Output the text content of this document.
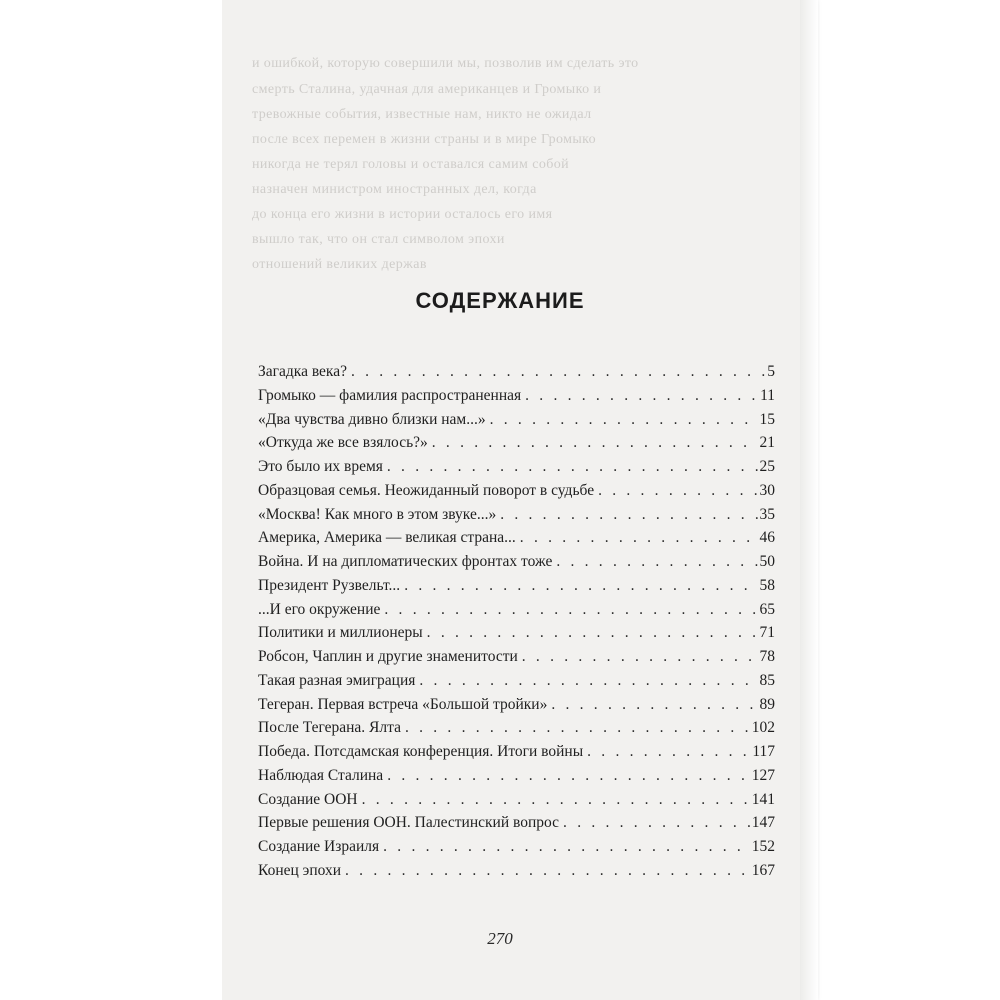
и ошибкой, которую совершили мы, позволив им сделать это
смерть Сталина, удачная для американцев и Громыко и
тревожные события, известные нам, никто не ожидал
после всех перемен в жизни страны и в мире Громыко
никогда не терял головы и оставался самим собой
назначен министром иностранных дел, когда
до конца его жизни в истории осталось его имя
вышло так, что он стал символом эпохи
отношений великих держав
СОДЕРЖАНИЕ
Загадка века? . . .	5
Громыко — фамилия распространенная . . .	11
«Два чувства дивно близки нам...» . . .	15
«Откуда же все взялось?» . . .	21
Это было их время . . .	25
Образцовая семья. Неожиданный поворот в судьбе . . .	30
«Москва! Как много в этом звуке...» . . .	35
Америка, Америка — великая страна... . . .	46
Война. И на дипломатических фронтах тоже . . .	50
Президент Рузвельт... . . .	58
...И его окружение . . .	65
Политики и миллионеры . . .	71
Робсон, Чаплин и другие знаменитости . . .	78
Такая разная эмиграция . . .	85
Тегеран. Первая встреча «Большой тройки» . . .	89
После Тегерана. Ялта . . .	102
Победа. Потсдамская конференция. Итоги войны . . .	117
Наблюдая Сталина . . .	127
Создание ООН . . .	141
Первые решения ООН. Палестинский вопрос . . .	147
Создание Израиля . . .	152
Конец эпохи . . .	167
270
